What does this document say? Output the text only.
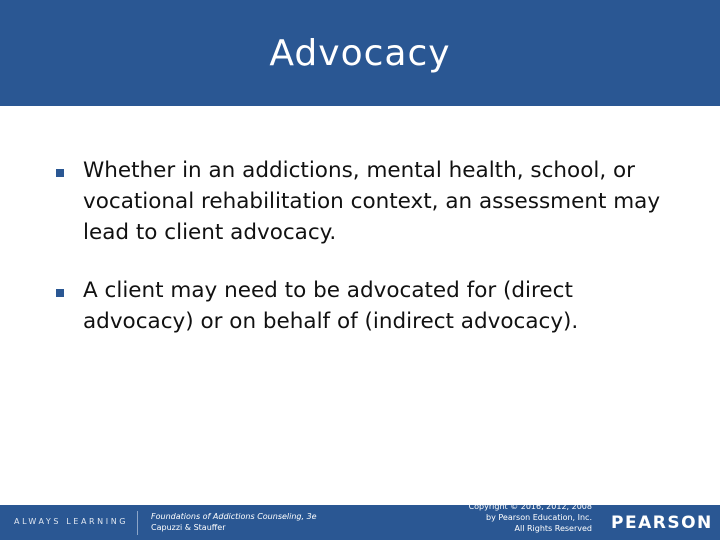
Advocacy
Whether in an addictions, mental health, school, or vocational rehabilitation context, an assessment may lead to client advocacy.
A client may need to be advocated for (direct advocacy) or on behalf of (indirect advocacy).
ALWAYS LEARNING
Foundations of Addictions Counseling, 3e
Capuzzi & Stauffer
Copyright © 2016, 2012, 2008
by Pearson Education, Inc.
All Rights Reserved PEARSON
